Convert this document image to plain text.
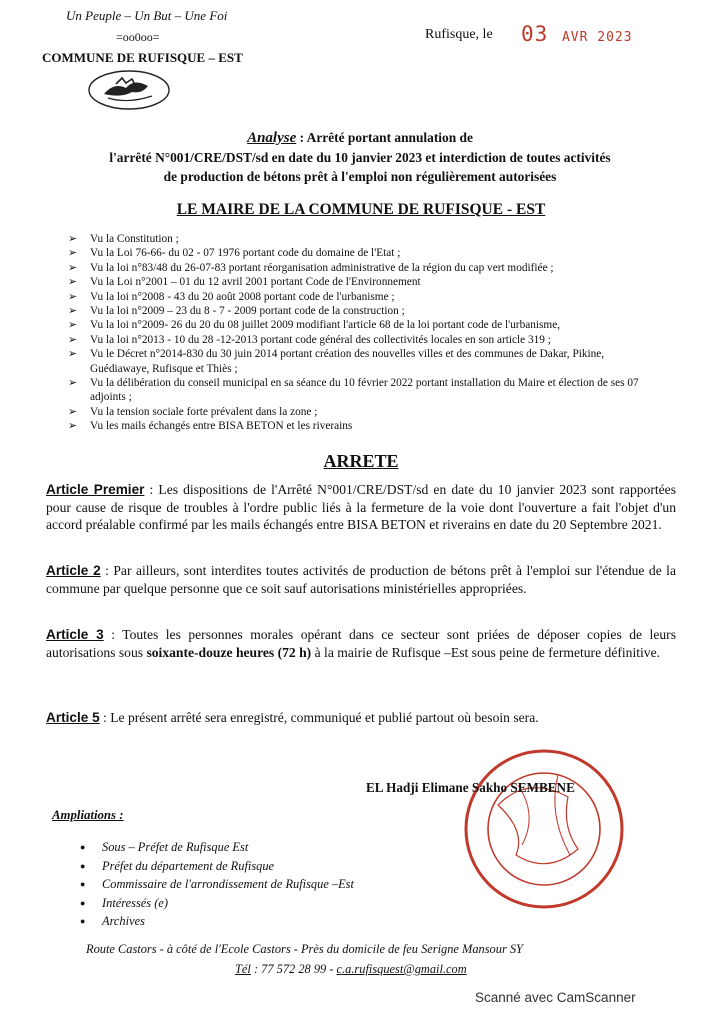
Un Peuple – Un But – Une Foi
=oo0oo=
COMMUNE DE RUFISQUE – EST
Rufisque, le 03 AVR 2023
Analyse : Arrêté portant annulation de
l'arrêté N°001/CRE/DST/sd en date du 10 janvier 2023 et interdiction de toutes activités
de production de bétons prêt à l'emploi non régulièrement autorisées
LE MAIRE DE LA COMMUNE DE RUFISQUE - EST
➢ Vu la Constitution ;
➢ Vu la Loi 76-66- du 02 - 07 1976 portant code du domaine de l'Etat ;
➢ Vu la loi n°83/48 du 26-07-83 portant réorganisation administrative de la région du cap vert modifiée ;
➢ Vu la Loi n°2001 – 01 du 12 avril 2001 portant Code de l'Environnement
➢ Vu la loi n°2008 - 43 du 20 août 2008 portant code de l'urbanisme ;
➢ Vu la loi n°2009 – 23 du 8 - 7 - 2009 portant code de la construction ;
➢ Vu la loi n°2009- 26 du 20 du 08 juillet 2009 modifiant l'article 68 de la loi portant code de l'urbanisme,
➢ Vu la loi n°2013 - 10 du 28 -12-2013 portant code général des collectivités locales en son article 319 ;
➢ Vu le Décret n°2014-830 du 30 juin 2014 portant création des nouvelles villes et des communes de Dakar, Pikine, Guédiawaye, Rufisque et Thiès ;
➢ Vu la délibération du conseil municipal en sa séance du 10 février 2022 portant installation du Maire et élection de ses 07 adjoints ;
➢ Vu la tension sociale forte prévalent dans la zone ;
➢ Vu les mails échangés entre BISA BETON et les riverains
ARRETE
Article Premier : Les dispositions de l'Arrêté N°001/CRE/DST/sd en date du 10 janvier 2023 sont rapportées pour cause de risque de troubles à l'ordre public liés à la fermeture de la voie dont l'ouverture a fait l'objet d'un accord préalable confirmé par les mails échangés entre BISA BETON et riverains en date du 20 Septembre 2021.
Article 2 : Par ailleurs, sont interdites toutes activités de production de bétons prêt à l'emploi sur l'étendue de la commune par quelque personne que ce soit sauf autorisations ministérielles appropriées.
Article 3 : Toutes les personnes morales opérant dans ce secteur sont priées de déposer copies de leurs autorisations sous soixante-douze heures (72 h) à la mairie de Rufisque –Est sous peine de fermeture définitive.
Article 5 : Le présent arrêté sera enregistré, communiqué et publié partout où besoin sera.
EL Hadji Elimane Sakho SEMBENE
Ampliations :
● Sous – Préfet de Rufisque Est
● Préfet du département de Rufisque
● Commissaire de l'arrondissement de Rufisque –Est
● Intéressés (e)
● Archives
Route Castors - à côté de l'Ecole Castors - Près du domicile de feu Serigne Mansour SY
Tél : 77 572 28 99 - c.a.rufisquest@gmail.com
Scanné avec CamScanner
